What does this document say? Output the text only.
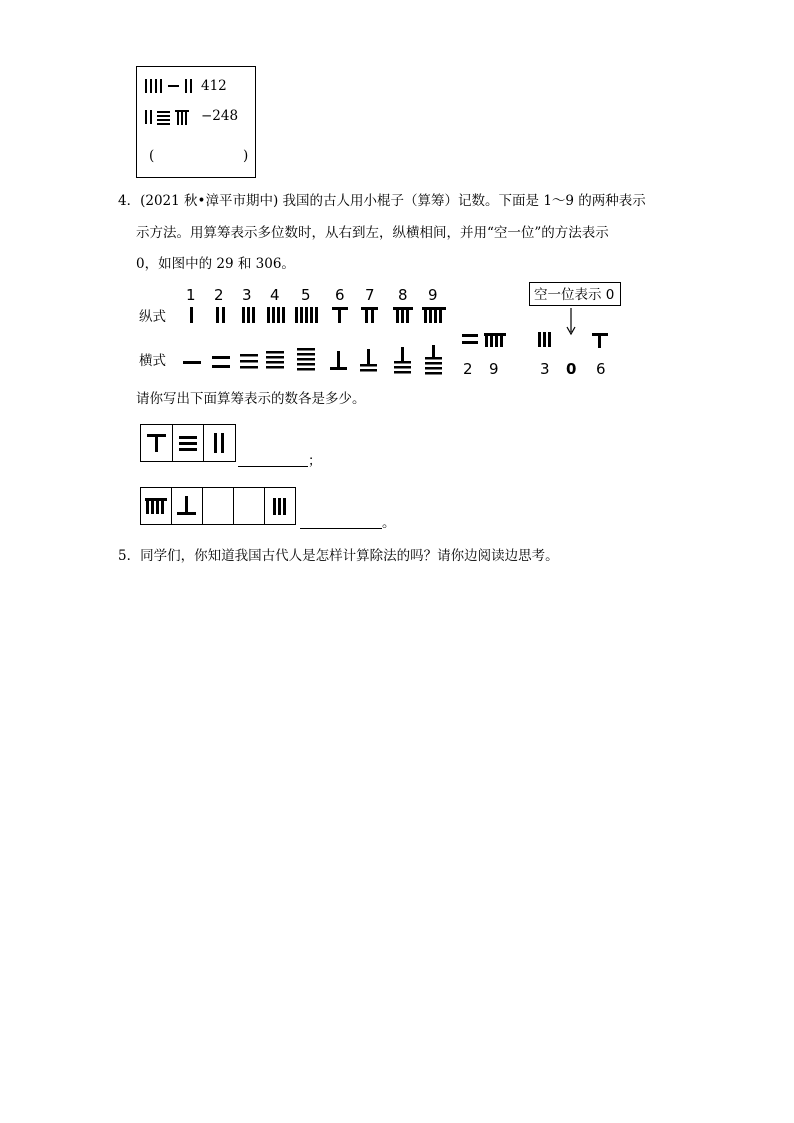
412
−248
(	)
4．(2021 秋•漳平市期中) 我国的古人用小棍子（算筹）记数。下面是 1～9 的两种表示
示方法。用算筹表示多位数时，从右到左，纵横相间，并用“空一位”的方法表示
0，如图中的 29 和 306。
1 2 3 4 5 6 7 8 9
纵式
横式	2 9
空一位表示 0
3 0 6
请你写出下面算筹表示的数各是多少。
；
。
5．同学们，你知道我国古代人是怎样计算除法的吗？请你边阅读边思考。
